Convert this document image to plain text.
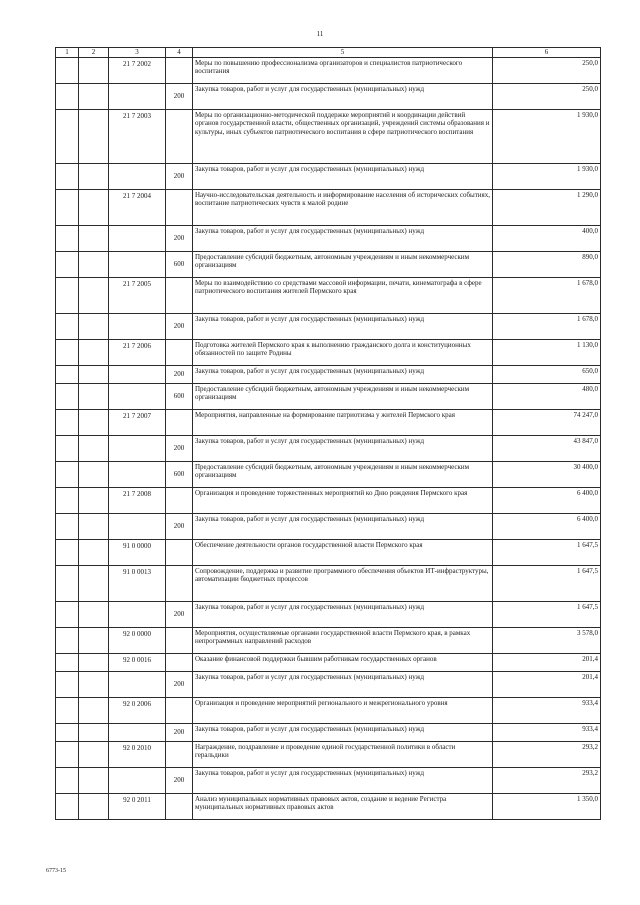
11
1	2	3	4	5	6
		21 7 2002		Меры по повышению профессионализма организаторов и специалистов патриотического воспитания	250,0
			200	Закупка товаров, работ и услуг для государственных (муниципальных) нужд	250,0
		21 7 2003		Меры по организационно-методической поддержке мероприятий и координации действий органов государственной власти, общественных организаций, учреждений системы образования и культуры, иных субъектов патриотического воспитания в сфере патриотического воспитания	1 930,0
			200	Закупка товаров, работ и услуг для государственных (муниципальных) нужд	1 930,0
		21 7 2004		Научно-исследовательская деятельность и информирование населения об исторических событиях, воспитание патриотических чувств к малой родине	1 290,0
			200	Закупка товаров, работ и услуг для государственных (муниципальных) нужд	400,0
			600	Предоставление субсидий бюджетным, автономным учреждениям и иным некоммерческим организациям	890,0
		21 7 2005		Меры по взаимодействию со средствами массовой информации, печати, кинематографа в сфере патриотического воспитания жителей Пермского края	1 678,0
			200	Закупка товаров, работ и услуг для государственных (муниципальных) нужд	1 678,0
		21 7 2006		Подготовка жителей Пермского края к выполнению гражданского долга и конституционных обязанностей по защите Родины	1 130,0
			200	Закупка товаров, работ и услуг для государственных (муниципальных) нужд	650,0
			600	Предоставление субсидий бюджетным, автономным учреждениям и иным некоммерческим организациям	480,0
		21 7 2007		Мероприятия, направленные на формирование патриотизма у жителей Пермского края	74 247,0
			200	Закупка товаров, работ и услуг для государственных (муниципальных) нужд	43 847,0
			600	Предоставление субсидий бюджетным, автономным учреждениям и иным некоммерческим организациям	30 400,0
		21 7 2008		Организация и проведение торжественных мероприятий ко Дню рождения Пермского края	6 400,0
			200	Закупка товаров, работ и услуг для государственных (муниципальных) нужд	6 400,0
		91 0 0000		Обеспечение деятельности органов государственной власти Пермского края	1 647,5
		91 0 0013		Сопровождение, поддержка и развитие программного обеспечения объектов ИТ-инфраструктуры, автоматизации бюджетных процессов	1 647,5
			200	Закупка товаров, работ и услуг для государственных (муниципальных) нужд	1 647,5
		92 0 0000		Мероприятия, осуществляемые органами государственной власти Пермского края, в рамках непрограммных направлений расходов	3 578,0
		92 0 0016		Оказание финансовой поддержки бывшим работникам государственных органов	201,4
			200	Закупка товаров, работ и услуг для государственных (муниципальных) нужд	201,4
		92 0 2006		Организация и проведение мероприятий регионального и межрегионального уровня	933,4
			200	Закупка товаров, работ и услуг для государственных (муниципальных) нужд	933,4
		92 0 2010		Награждение, поздравление и проведение единой государственной политики в области геральдики	293,2
			200	Закупка товаров, работ и услуг для государственных (муниципальных) нужд	293,2
		92 0 2011		Анализ муниципальных нормативных правовых актов, создание и ведение Регистра муниципальных нормативных правовых актов	1 350,0
6773-15
